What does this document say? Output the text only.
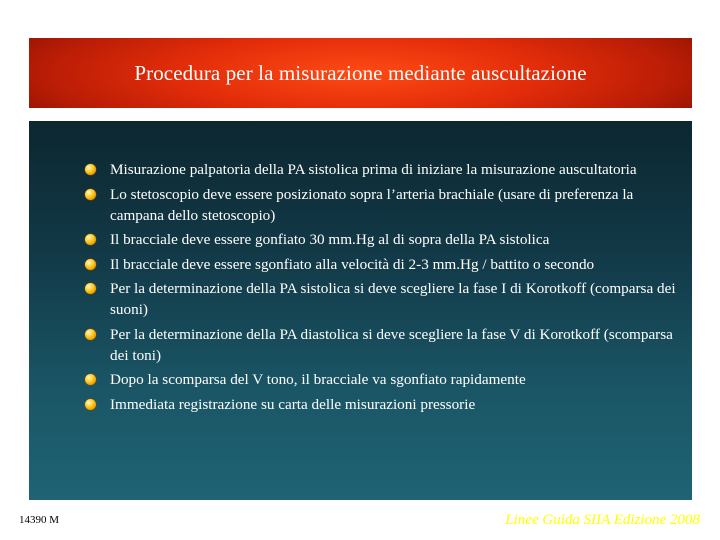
Procedura per la misurazione mediante auscultazione
Misurazione palpatoria della PA sistolica prima di iniziare la misurazione auscultatoria
Lo stetoscopio deve essere posizionato sopra l’arteria brachiale (usare di preferenza la campana dello stetoscopio)
Il bracciale deve essere gonfiato 30 mm.Hg al di sopra della PA sistolica
Il bracciale deve essere sgonfiato alla velocità di 2-3 mm.Hg / battito o secondo
Per la determinazione della PA sistolica si deve scegliere la fase I di Korotkoff (comparsa dei suoni)
Per la determinazione della PA diastolica si deve scegliere la fase V di Korotkoff (scomparsa dei toni)
Dopo la scomparsa del V tono, il bracciale va sgonfiato rapidamente
Immediata registrazione su carta delle misurazioni pressorie
14390 M	Linee Guida SIIA Edizione 2008
